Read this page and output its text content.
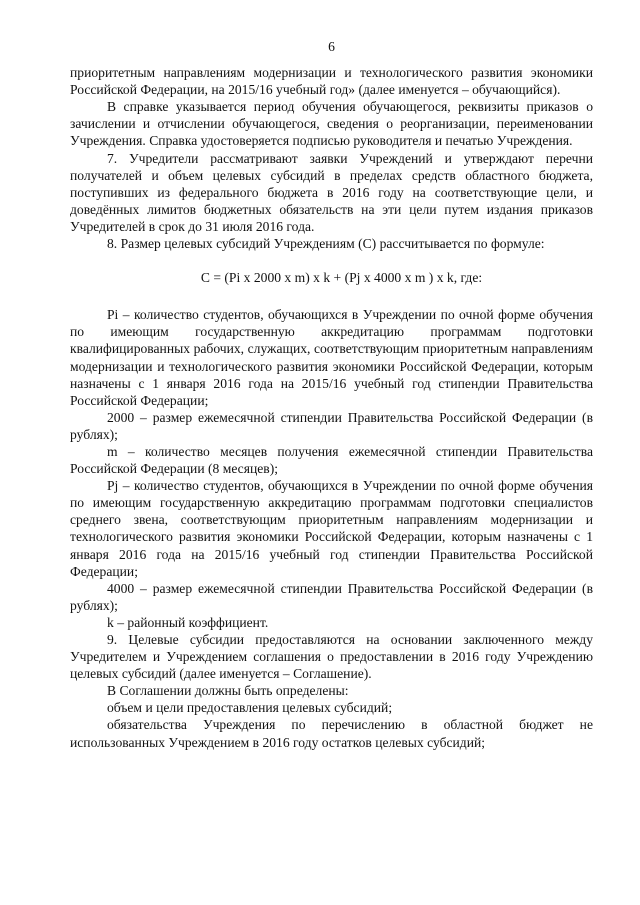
6

приоритетным направлениям модернизации и технологического развития экономики Российской Федерации, на 2015/16 учебный год» (далее именуется – обучающийся).

В справке указывается период обучения обучающегося, реквизиты приказов о зачислении и отчислении обучающегося, сведения о реорганизации, переименовании Учреждения. Справка удостоверяется подписью руководителя и печатью Учреждения.

7. Учредители рассматривают заявки Учреждений и утверждают перечни получателей и объем целевых субсидий в пределах средств областного бюджета, поступивших из федерального бюджета в 2016 году на соответствующие цели, и доведённых лимитов бюджетных обязательств на эти цели путем издания приказов Учредителей в срок до 31 июля 2016 года.

8. Размер целевых субсидий Учреждениям (С) рассчитывается по формуле:

С = (Pi x 2000 x m) x k + (Pj x 4000 x m ) x k, где:

Pi – количество студентов, обучающихся в Учреждении по очной форме обучения по имеющим государственную аккредитацию программам подготовки квалифицированных рабочих, служащих, соответствующим приоритетным направлениям модернизации и технологического развития экономики Российской Федерации, которым назначены с 1 января 2016 года на 2015/16 учебный год стипендии Правительства Российской Федерации;

2000 – размер ежемесячной стипендии Правительства Российской Федерации (в рублях);

m – количество месяцев получения ежемесячной стипендии Правительства Российской Федерации (8 месяцев);

Pj – количество студентов, обучающихся в Учреждении по очной форме обучения по имеющим государственную аккредитацию программам подготовки специалистов среднего звена, соответствующим приоритетным направлениям модернизации и технологического развития экономики Российской Федерации, которым назначены с 1 января 2016 года на 2015/16 учебный год стипендии Правительства Российской Федерации;

4000 – размер ежемесячной стипендии Правительства Российской Федерации (в рублях);

k – районный коэффициент.

9. Целевые субсидии предоставляются на основании заключенного между Учредителем и Учреждением соглашения о предоставлении в 2016 году Учреждению целевых субсидий (далее именуется – Соглашение).

В Соглашении должны быть определены:

объем и цели предоставления целевых субсидий;

обязательства Учреждения по перечислению в областной бюджет не использованных Учреждением в 2016 году остатков целевых субсидий;
